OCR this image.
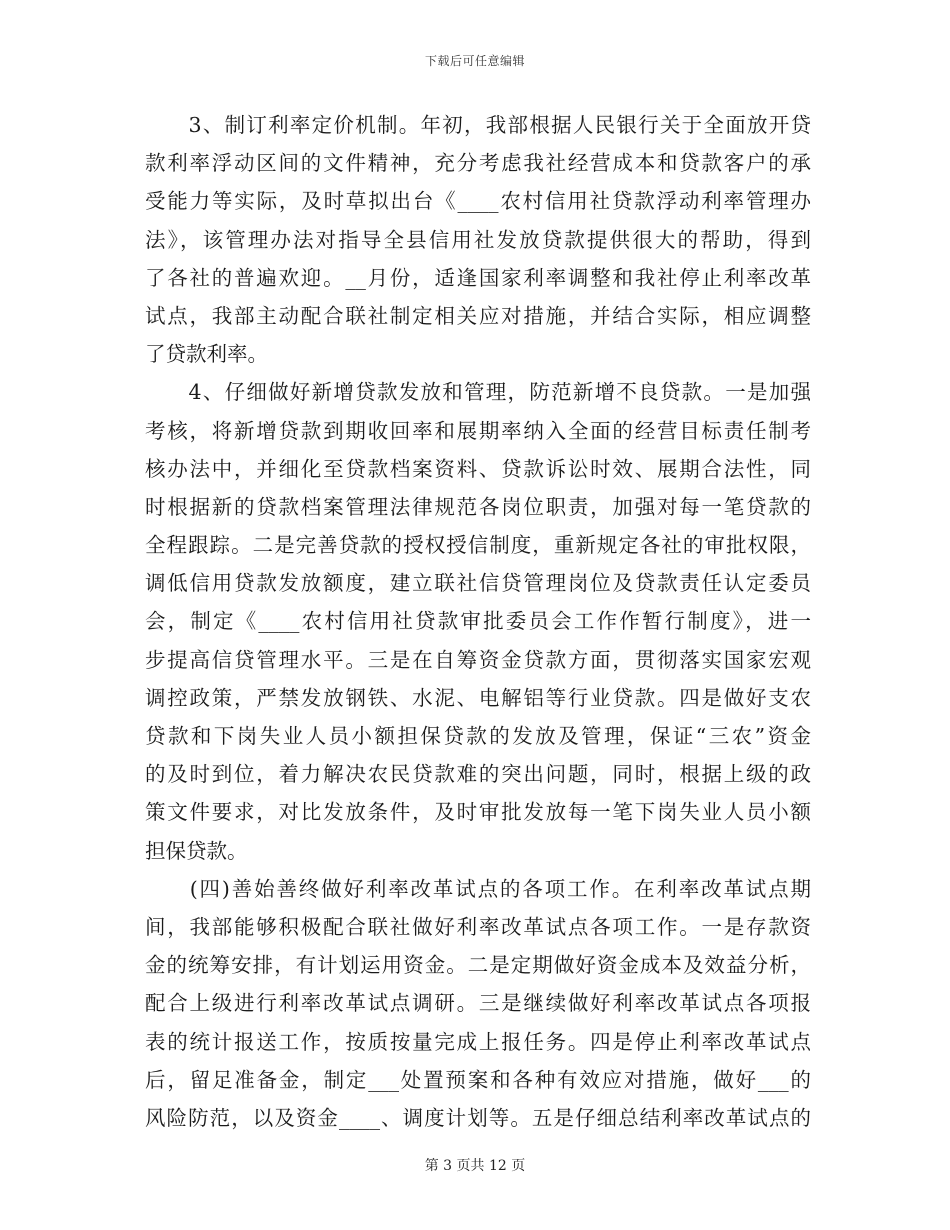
下载后可任意编辑
　　3、制订利率定价机制。年初，我部根据人民银行关于全面放开贷
款利率浮动区间的文件精神，充分考虑我社经营成本和贷款客户的承
受能力等实际，及时草拟出台《____农村信用社贷款浮动利率管理办
法》，该管理办法对指导全县信用社发放贷款提供很大的帮助，得到
了各社的普遍欢迎。__月份，适逢国家利率调整和我社停止利率改革
试点，我部主动配合联社制定相关应对措施，并结合实际，相应调整
了贷款利率。
　　4、仔细做好新增贷款发放和管理，防范新增不良贷款。一是加强
考核，将新增贷款到期收回率和展期率纳入全面的经营目标责任制考
核办法中，并细化至贷款档案资料、贷款诉讼时效、展期合法性，同
时根据新的贷款档案管理法律规范各岗位职责，加强对每一笔贷款的
全程跟踪。二是完善贷款的授权授信制度，重新规定各社的审批权限，
调低信用贷款发放额度，建立联社信贷管理岗位及贷款责任认定委员
会，制定《____农村信用社贷款审批委员会工作作暂行制度》，进一
步提高信贷管理水平。三是在自筹资金贷款方面，贯彻落实国家宏观
调控政策，严禁发放钢铁、水泥、电解铝等行业贷款。四是做好支农
贷款和下岗失业人员小额担保贷款的发放及管理，保证“三农”资金
的及时到位，着力解决农民贷款难的突出问题，同时，根据上级的政
策文件要求，对比发放条件，及时审批发放每一笔下岗失业人员小额
担保贷款。
　　(四)善始善终做好利率改革试点的各项工作。在利率改革试点期
间，我部能够积极配合联社做好利率改革试点各项工作。一是存款资
金的统筹安排，有计划运用资金。二是定期做好资金成本及效益分析，
配合上级进行利率改革试点调研。三是继续做好利率改革试点各项报
表的统计报送工作，按质按量完成上报任务。四是停止利率改革试点
后，留足准备金，制定___处置预案和各种有效应对措施，做好___的
风险防范，以及资金____、调度计划等。五是仔细总结利率改革试点的
第 3 页共 12 页
